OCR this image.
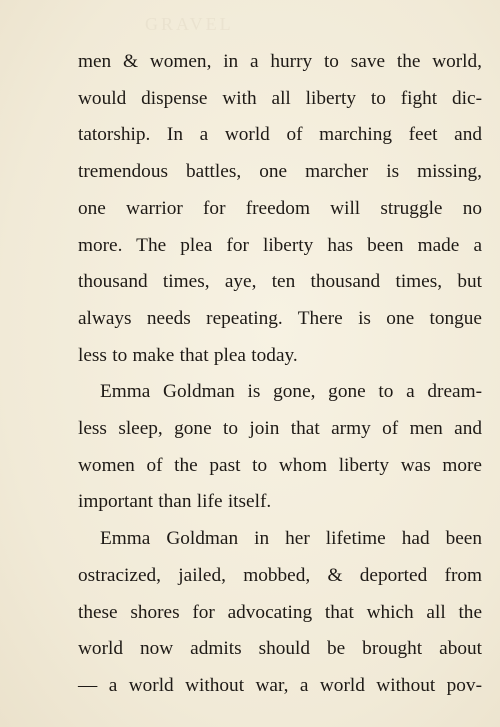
GRAVEL
men & women, in a hurry to save the world,
would dispense with all liberty to fight dic-
tatorship. In a world of marching feet and
tremendous battles, one marcher is missing,
one warrior for freedom will struggle no
more. The plea for liberty has been made a
thousand times, aye, ten thousand times, but
always needs repeating. There is one tongue
less to make that plea today.
Emma Goldman is gone, gone to a dream-
less sleep, gone to join that army of men and
women of the past to whom liberty was more
important than life itself.
Emma Goldman in her lifetime had been
ostracized, jailed, mobbed, & deported from
these shores for advocating that which all the
world now admits should be brought about
— a world without war, a world without pov-
